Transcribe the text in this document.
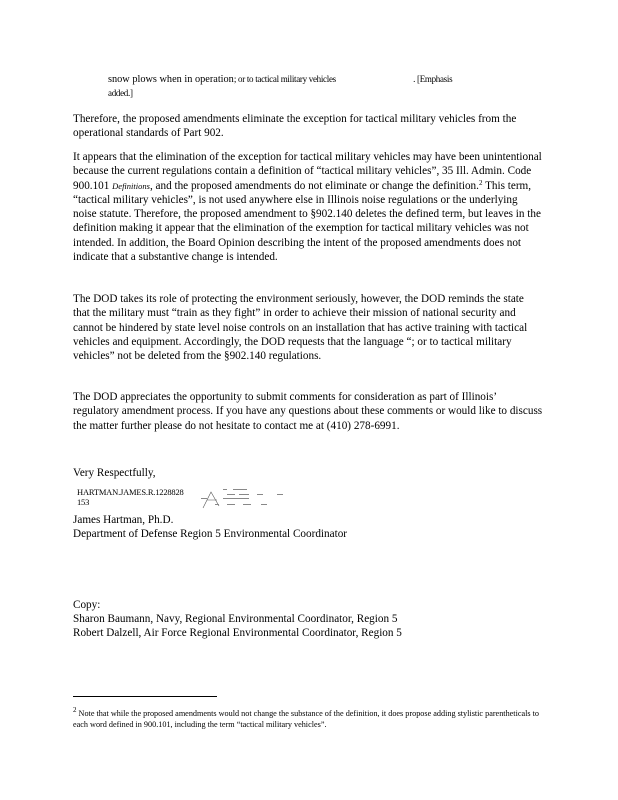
snow plows when in operation; or to tactical military vehicles	. [Emphasis
added.]

Therefore, the proposed amendments eliminate the exception for tactical military vehicles from the operational standards of Part 902.

It appears that the elimination of the exception for tactical military vehicles may have been unintentional because the current regulations contain a definition of “tactical military vehicles”, 35 Ill. Admin. Code 900.101 Definitions, and the proposed amendments do not eliminate or change the definition.$^2$ This term, “tactical military vehicles”, is not used anywhere else in Illinois noise regulations or the underlying noise statute. Therefore, the proposed amendment to §902.140 deletes the defined term, but leaves in the definition making it appear that the elimination of the exemption for tactical military vehicles was not intended. In addition, the Board Opinion describing the intent of the proposed amendments does not indicate that a substantive change is intended.

The DOD takes its role of protecting the environment seriously, however, the DOD reminds the state that the military must “train as they fight” in order to achieve their mission of national security and cannot be hindered by state level noise controls on an installation that has active training with tactical vehicles and equipment. Accordingly, the DOD requests that the language “; or to tactical military vehicles” not be deleted from the §902.140 regulations.

The DOD appreciates the opportunity to submit comments for consideration as part of Illinois’ regulatory amendment process. If you have any questions about these comments or would like to discuss the matter further please do not hesitate to contact me at (410) 278-6991.

Very Respectfully,

HARTMAN.JAMES.R.1228828
153

James Hartman, Ph.D.

Department of Defense Region 5 Environmental Coordinator

Copy:

Sharon Baumann, Navy, Regional Environmental Coordinator, Region 5

Robert Dalzell, Air Force Regional Environmental Coordinator, Region 5

$^2$ Note that while the proposed amendments would not change the substance of the definition, it does propose adding stylistic parentheticals to each word defined in 900.101, including the term “tactical military vehicles”.
